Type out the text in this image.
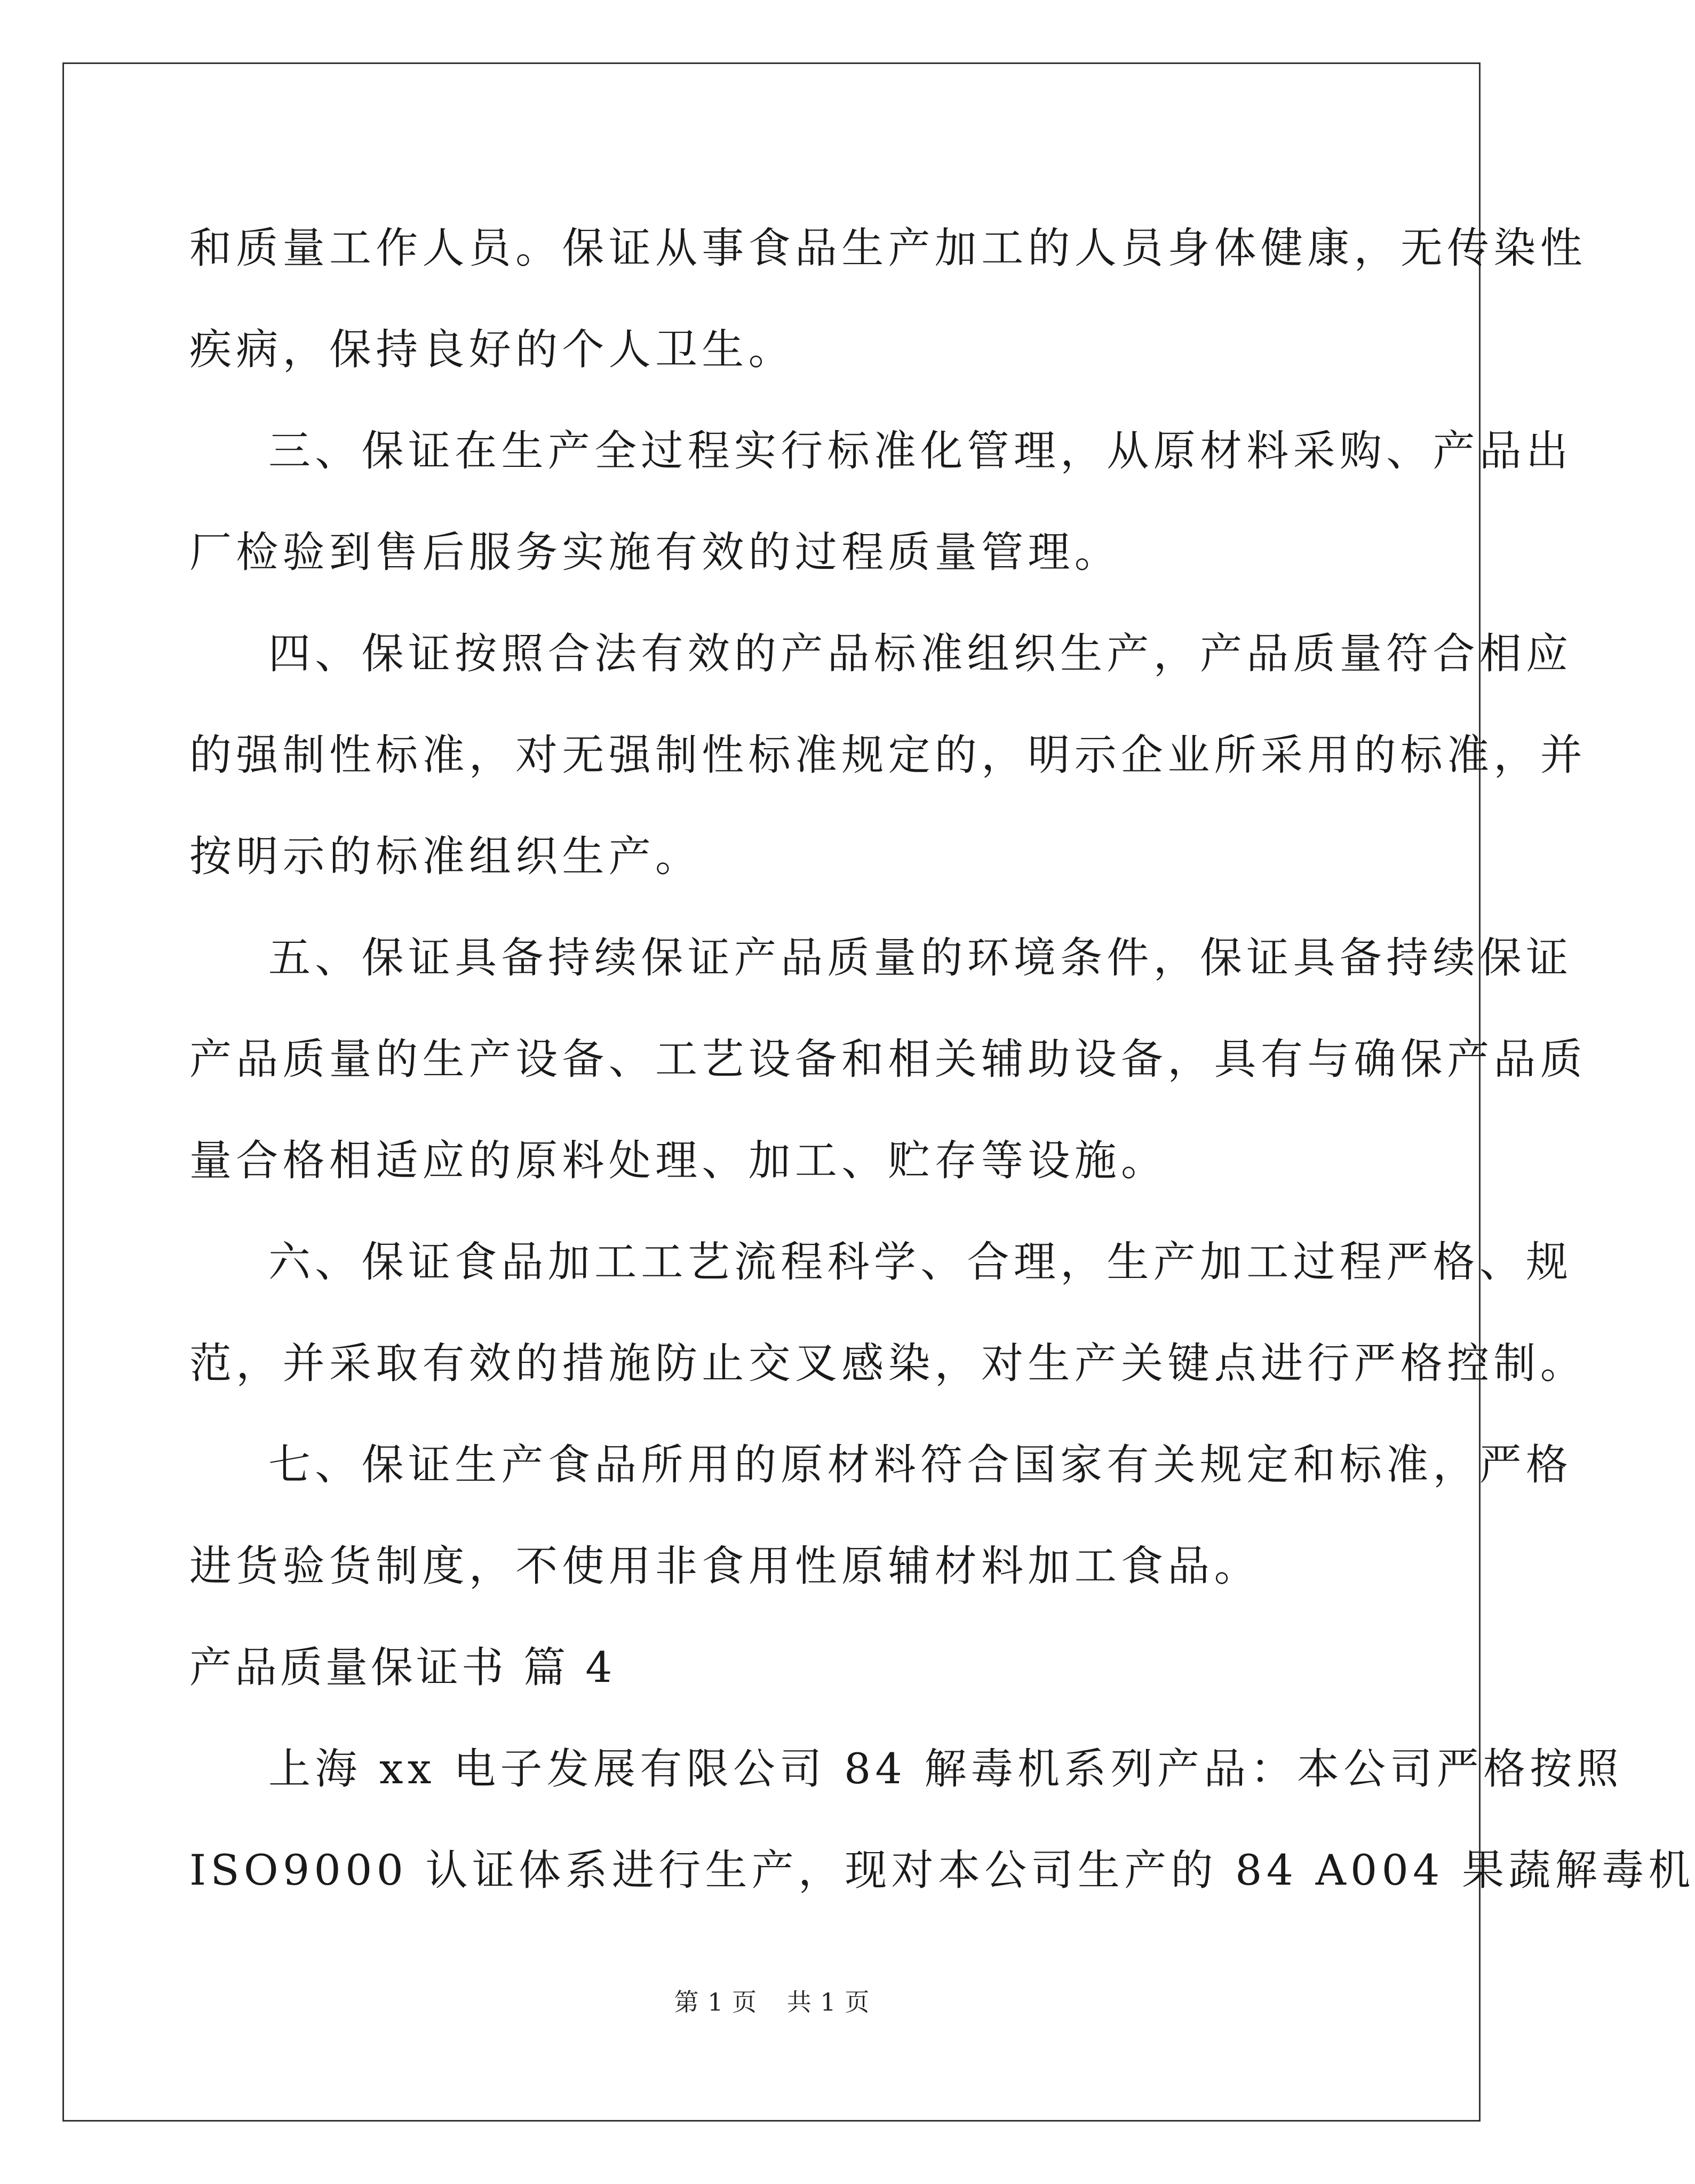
和质量工作人员。保证从事食品生产加工的人员身体健康，无传染性
疾病，保持良好的个人卫生。
三、保证在生产全过程实行标准化管理，从原材料采购、产品出
厂检验到售后服务实施有效的过程质量管理。
四、保证按照合法有效的产品标准组织生产，产品质量符合相应
的强制性标准，对无强制性标准规定的，明示企业所采用的标准，并
按明示的标准组织生产。
五、保证具备持续保证产品质量的环境条件，保证具备持续保证
产品质量的生产设备、工艺设备和相关辅助设备，具有与确保产品质
量合格相适应的原料处理、加工、贮存等设施。
六、保证食品加工工艺流程科学、合理，生产加工过程严格、规
范，并采取有效的措施防止交叉感染，对生产关键点进行严格控制。
七、保证生产食品所用的原材料符合国家有关规定和标准，严格
进货验货制度，不使用非食用性原辅材料加工食品。
产品质量保证书 篇 4
上海 xx 电子发展有限公司 84 解毒机系列产品：本公司严格按照
ISO9000 认证体系进行生产，现对本公司生产的 84 A004 果蔬解毒机
第 1 页 共 1 页
